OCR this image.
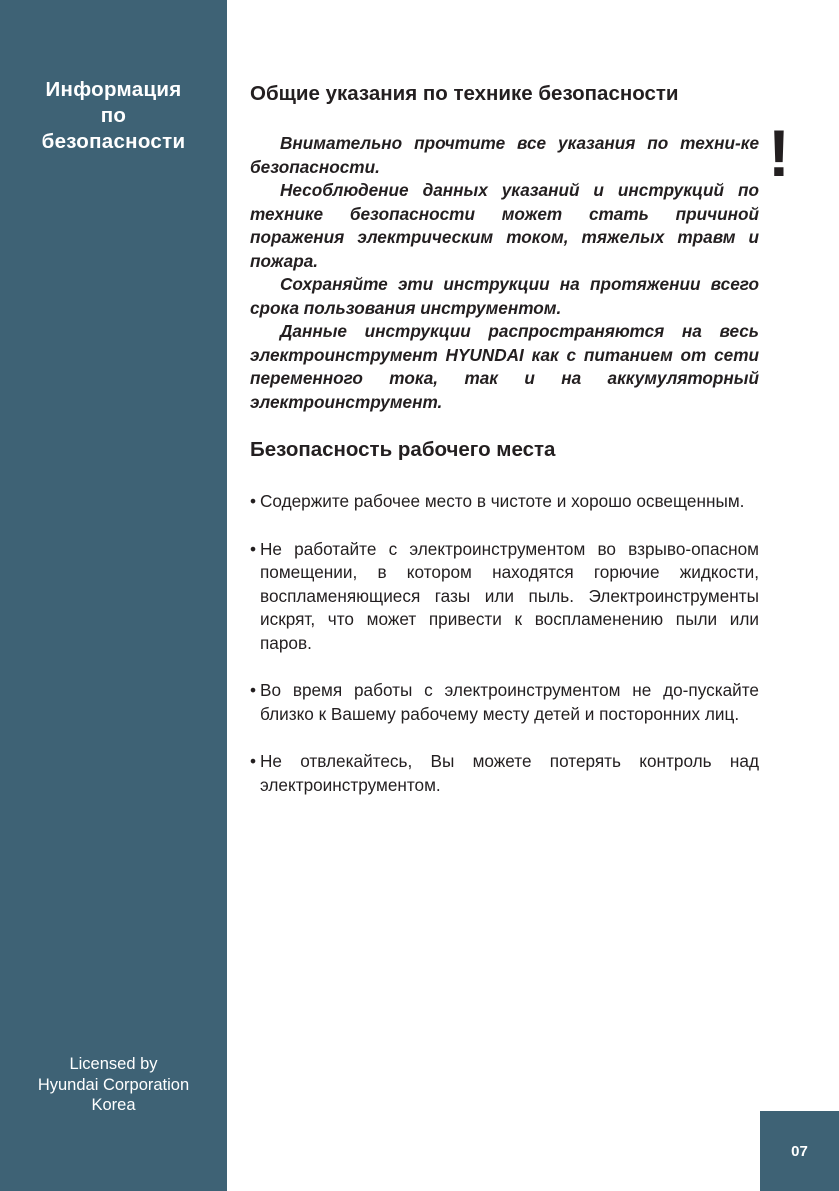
Информация
по
безопасности
Licensed by
Hyundai Corporation
Korea
07
!
Общие указания по технике безопасности

Внимательно прочтите все указания по техни-ке безопасности.

Несоблюдение данных указаний и инструкций по технике безопасности может стать причиной поражения электрическим током, тяжелых травм и пожара.

Сохраняйте эти инструкции на протяжении всего срока пользования инструментом.

Данные инструкции распространяются на весь электроинструмент HYUNDAI как с питанием от сети переменного тока, так и на аккумуляторный электроинструмент.

Безопасность рабочего места
• Содержите рабочее место в чистоте и хорошо освещенным.
• Не работайте с электроинструментом во взрыво-опасном помещении, в котором находятся горючие жидкости, воспламеняющиеся газы или пыль. Электроинструменты искрят, что может привести к воспламенению пыли или паров.
• Во время работы с электроинструментом не до-пускайте близко к Вашему рабочему месту детей и посторонних лиц.
• Не отвлекайтесь, Вы можете потерять контроль над электроинструментом.
